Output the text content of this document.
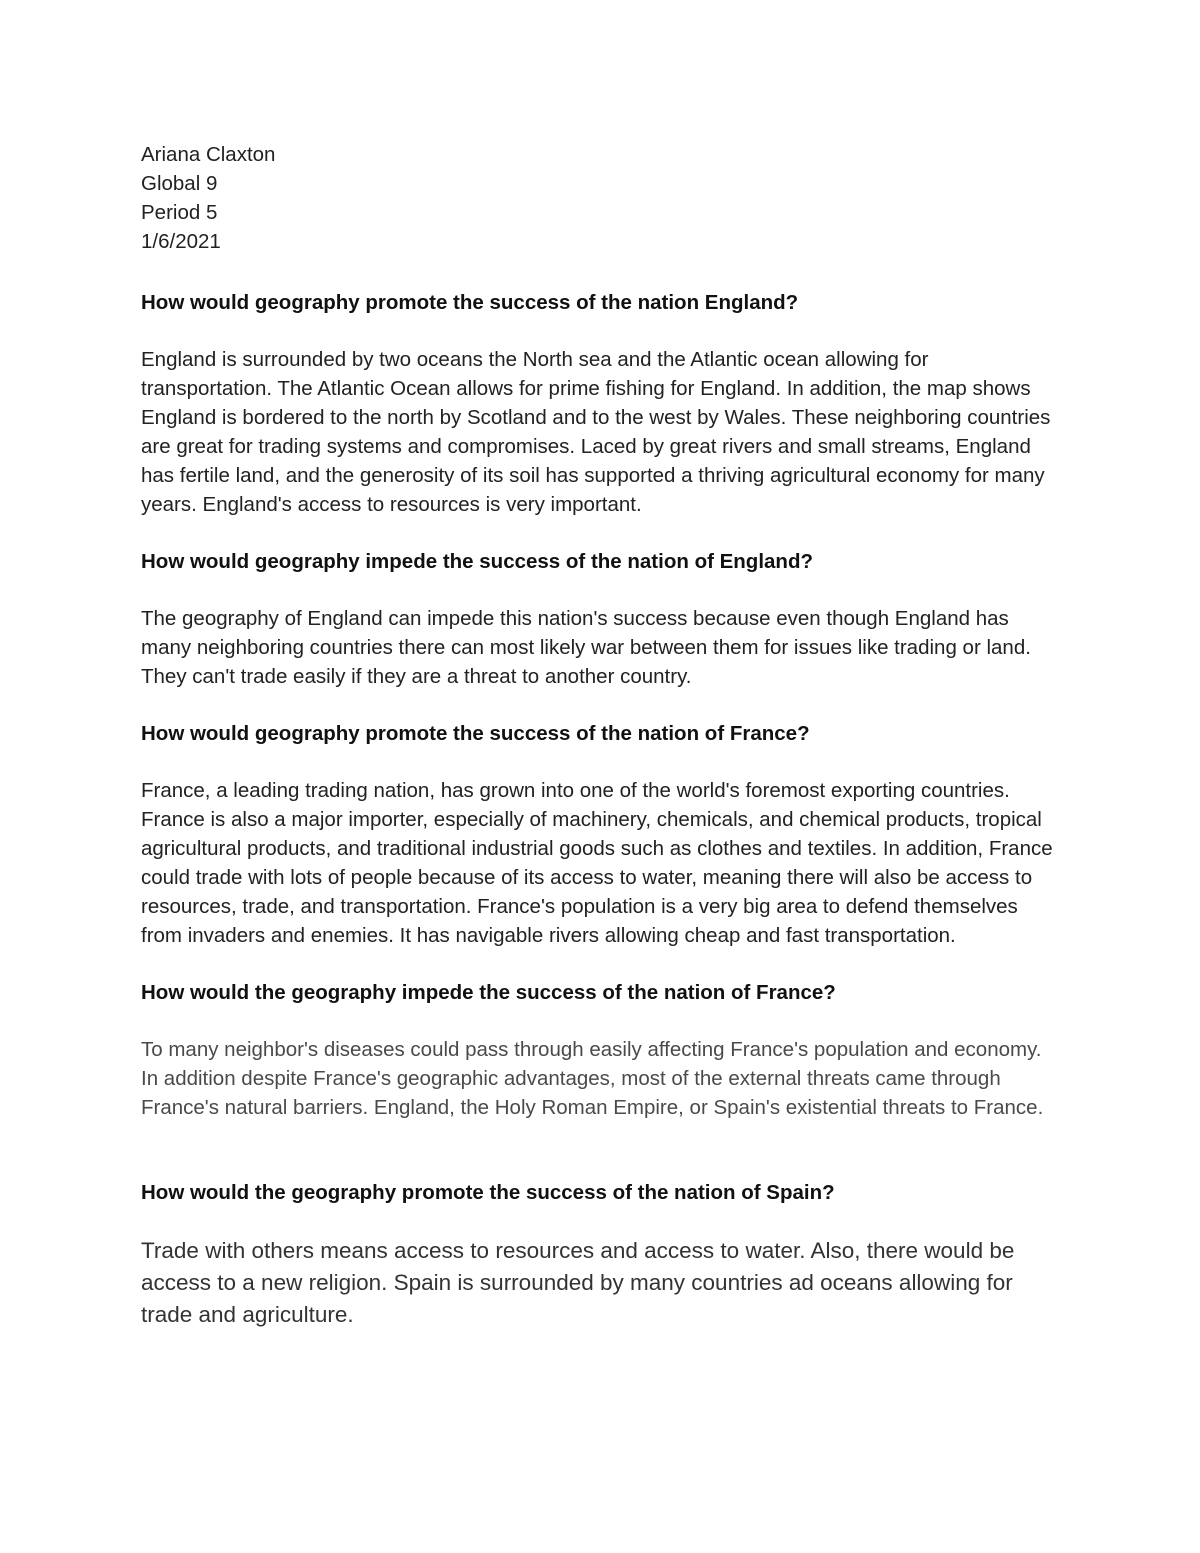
Ariana Claxton

Global 9

Period 5

1/6/2021

How would geography promote the success of the nation England?

England is surrounded by two oceans the North sea and the Atlantic ocean allowing for transportation. The Atlantic Ocean allows for prime fishing for England. In addition, the map shows England is bordered to the north by Scotland and to the west by Wales. These neighboring countries are great for trading systems and compromises. Laced by great rivers and small streams, England has fertile land, and the generosity of its soil has supported a thriving agricultural economy for many years. England's access to resources is very important.

How would geography impede the success of the nation of England?

The geography of England can impede this nation's success because even though England has many neighboring countries there can most likely war between them for issues like trading or land. They can't trade easily if they are a threat to another country.

How would geography promote the success of the nation of France?

France, a leading trading nation, has grown into one of the world's foremost exporting countries. France is also a major importer, especially of machinery, chemicals, and chemical products, tropical agricultural products, and traditional industrial goods such as clothes and textiles. In addition, France could trade with lots of people because of its access to water, meaning there will also be access to resources, trade, and transportation. France's population is a very big area to defend themselves from invaders and enemies. It has navigable rivers allowing cheap and fast transportation.

How would the geography impede the success of the nation of France?

To many neighbor's diseases could pass through easily affecting France's population and economy. In addition despite France's geographic advantages, most of the external threats came through France's natural barriers. England, the Holy Roman Empire, or Spain's existential threats to France.

How would the geography promote the success of the nation of Spain?

Trade with others means access to resources and access to water. Also, there would be access to a new religion. Spain is surrounded by many countries ad oceans allowing for trade and agriculture.
